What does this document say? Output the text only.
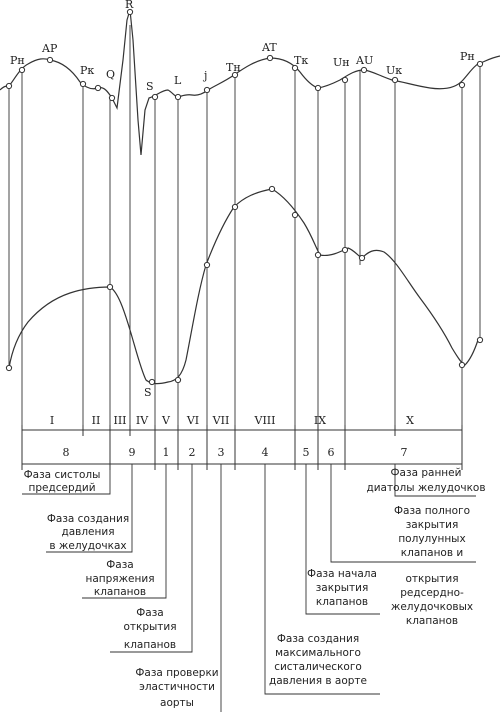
Pн
AP
Pк Q
R
S L j
Tн
AT
Tк Uн AU
Uк
Pн
S
I	II III IV V VI VII VIII	IX	X
8	9 1 2 3	4	5 6	7
Фаза систолы
предсердий
Фаза ранней
диатолы желудочков
Фаза создания
давления
в желудочках
Фаза полного
закрытия
полулунных
клапанов и
открытия
редсердно-
желудочковых
клапанов
Фаза
напряжения
клапанов
Фаза начала
закрытия
клапанов
Фаза
открытия
клапанов	Фаза создания
максимального
систалического
давления в аорте
Фаза проверки
эластичности
аорты
